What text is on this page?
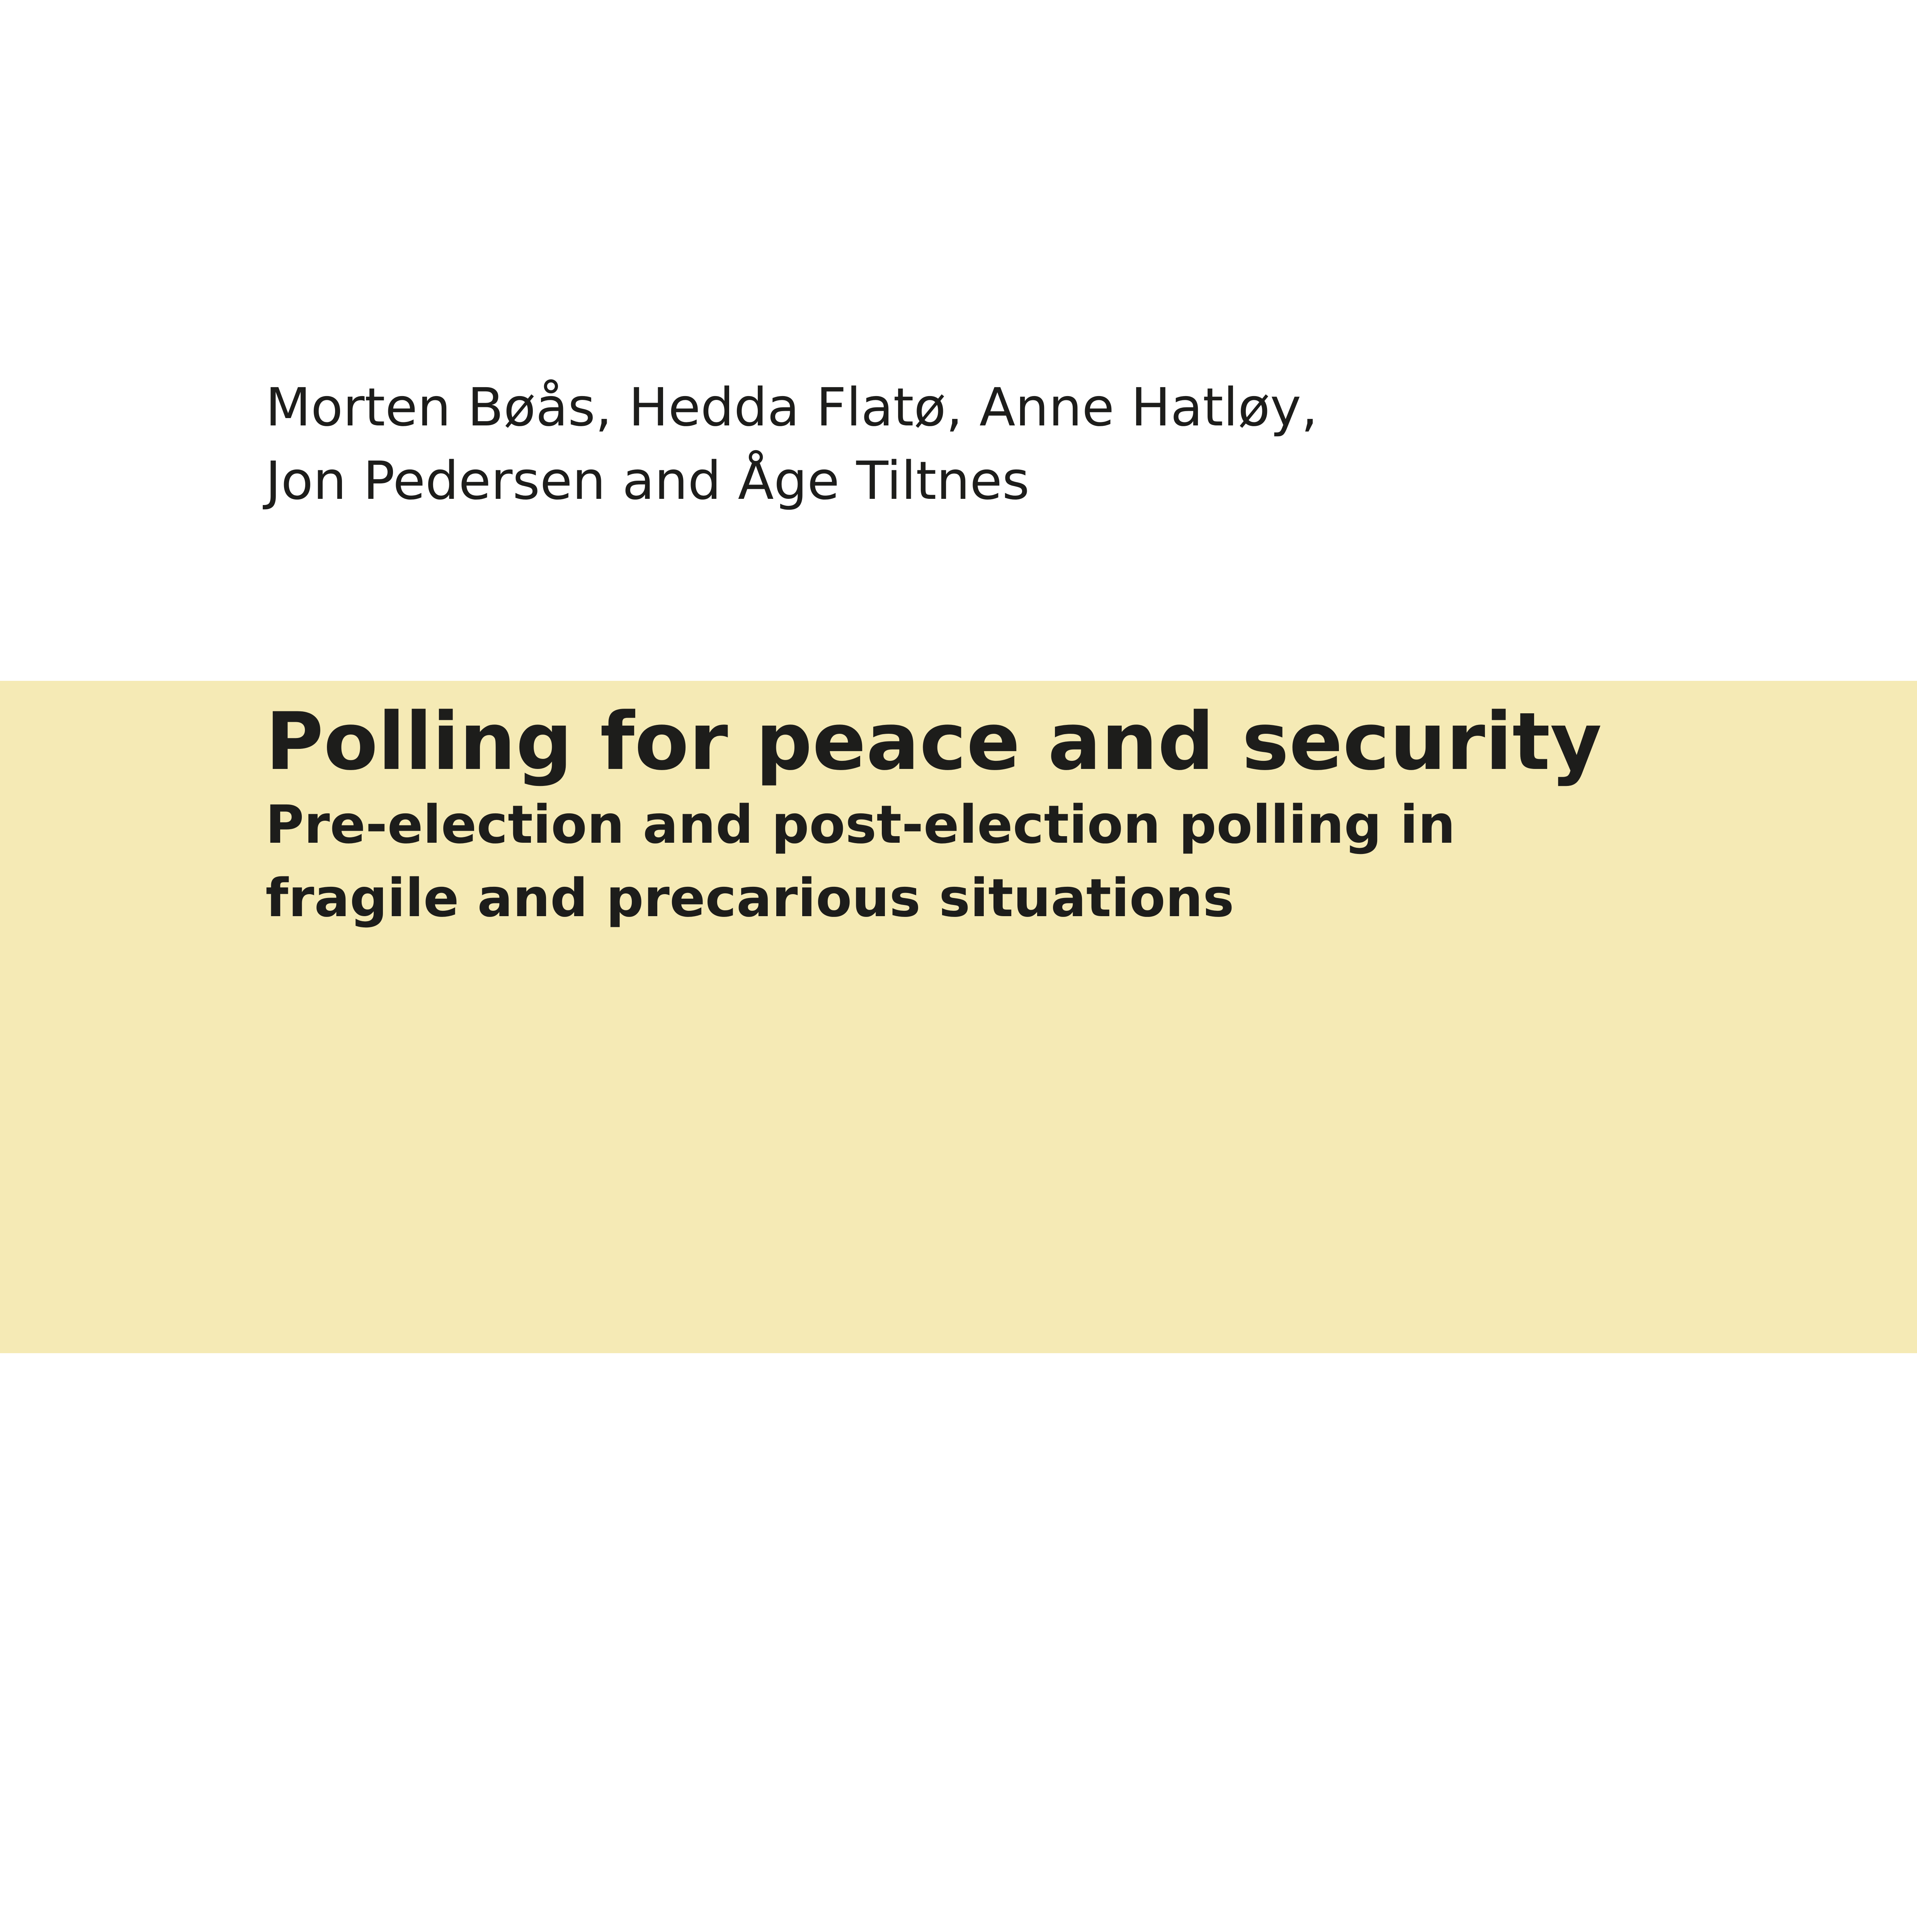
Morten Bøås, Hedda Flatø, Anne Hatløy,
Jon Pedersen and Åge Tiltnes
Polling for peace and security
Pre-election and post-election polling in
fragile and precarious situations
